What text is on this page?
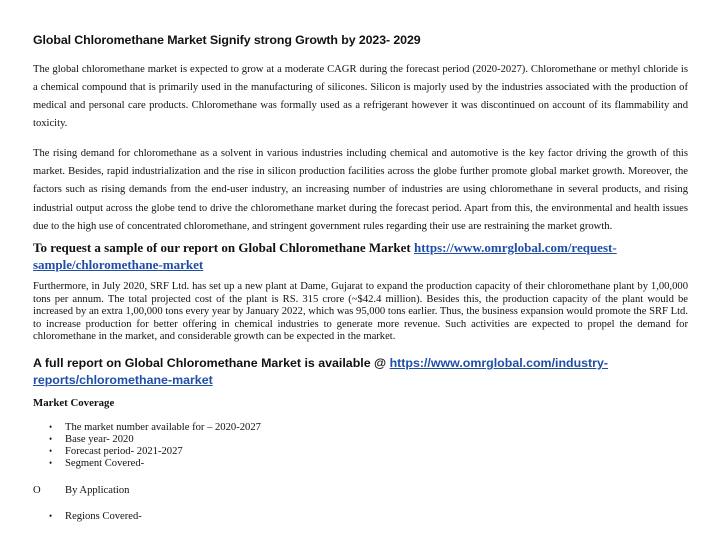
Global Chloromethane Market Signify strong Growth by 2023- 2029

The global chloromethane market is expected to grow at a moderate CAGR during the forecast period (2020-2027). Chloromethane or methyl chloride is a chemical compound that is primarily used in the manufacturing of silicones. Silicon is majorly used by the industries associated with the production of medical and personal care products. Chloromethane was formally used as a refrigerant however it was discontinued on account of its flammability and toxicity.

The rising demand for chloromethane as a solvent in various industries including chemical and automotive is the key factor driving the growth of this market. Besides, rapid industrialization and the rise in silicon production facilities across the globe further promote global market growth. Moreover, the factors such as rising demands from the end-user industry, an increasing number of industries are using chloromethane in several products, and rising industrial output across the globe tend to drive the chloromethane market during the forecast period. Apart from this, the environmental and health issues due to the high use of concentrated chloromethane, and stringent government rules regarding their use are restraining the market growth.

To request a sample of our report on Global Chloromethane Market https://www.omrglobal.com/request-sample/chloromethane-market

Furthermore, in July 2020, SRF Ltd. has set up a new plant at Dame, Gujarat to expand the production capacity of their chloromethane plant by 1,00,000 tons per annum. The total projected cost of the plant is RS. 315 crore (~$42.4 million). Besides this, the production capacity of the plant would be increased by an extra 1,00,000 tons every year by January 2022, which was 95,000 tons earlier. Thus, the business expansion would promote the SRF Ltd. to increase production for better offering in chemical industries to generate more revenue. Such activities are expected to propel the demand for chloromethane in the market, and considerable growth can be expected in the market.

A full report on Global Chloromethane Market is available @ https://www.omrglobal.com/industry-reports/chloromethane-market

Market Coverage
• The market number available for – 2020-2027
• Base year- 2020
• Forecast period- 2021-2027
• Segment Covered-
O By Application
• Regions Covered-
